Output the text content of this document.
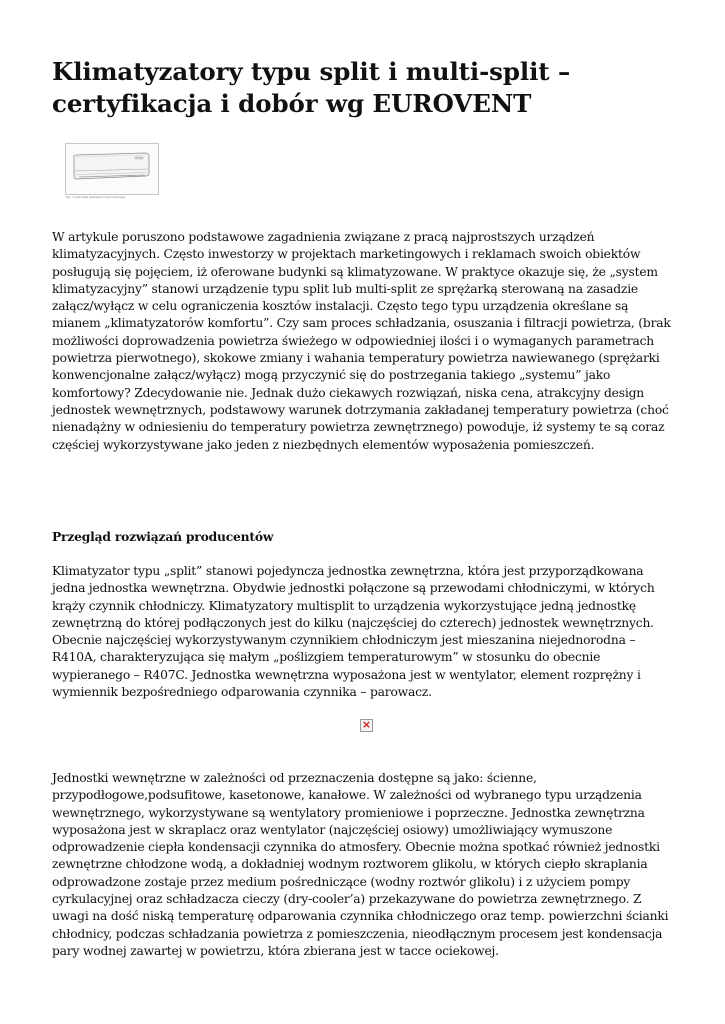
Klimatyzatory typu split i multi-split – certyfikacja i dobór wg EUROVENT
Rys. 1. Jednostka wewnętrzna typu ściennego

W artykule poruszono podstawowe zagadnienia związane z pracą najprostszych urządzeń klimatyzacyjnych. Często inwestorzy w projektach marketingowych i reklamach swoich obiektów posługują się pojęciem, iż oferowane budynki są klimatyzowane. W praktyce okazuje się, że „system klimatyzacyjny” stanowi urządzenie typu split lub multi-split ze sprężarką sterowaną na zasadzie załącz/wyłącz w celu ograniczenia kosztów instalacji. Często tego typu urządzenia określane są mianem „klimatyzatorów komfortu”. Czy sam proces schładzania, osuszania i filtracji powietrza, (brak możliwości doprowadzenia powietrza świeżego w odpowiedniej ilości i o wymaganych parametrach powietrza pierwotnego), skokowe zmiany i wahania temperatury powietrza nawiewanego (sprężarki konwencjonalne załącz/wyłącz) mogą przyczynić się do postrzegania takiego „systemu” jako komfortowy? Zdecydowanie nie. Jednak dużo ciekawych rozwiązań, niska cena, atrakcyjny design jednostek wewnętrznych, podstawowy warunek dotrzymania zakładanej temperatury powietrza (choć nienadążny w odniesieniu do temperatury powietrza zewnętrznego) powoduje, iż systemy te są coraz częściej wykorzystywane jako jeden z niezbędnych elementów wyposażenia pomieszczeń.

Przegląd rozwiązań producentów

Klimatyzator typu „split” stanowi pojedyncza jednostka zewnętrzna, która jest przyporządkowana jedna jednostka wewnętrzna. Obydwie jednostki połączone są przewodami chłodniczymi, w których krąży czynnik chłodniczy. Klimatyzatory multisplit to urządzenia wykorzystujące jedną jednostkę zewnętrzną do której podłączonych jest do kilku (najczęściej do czterech) jednostek wewnętrznych. Obecnie najczęściej wykorzystywanym czynnikiem chłodniczym jest mieszanina niejednorodna – R410A, charakteryzująca się małym „poślizgiem temperaturowym” w stosunku do obecnie wypieranego – R407C. Jednostka wewnętrzna wyposażona jest w wentylator, element rozprężny i wymiennik bezpośredniego odparowania czynnika – parowacz.

×

Jednostki wewnętrzne w zależności od przeznaczenia dostępne są jako: ścienne, przypodłogowe,podsufitowe, kasetonowe, kanałowe. W zależności od wybranego typu urządzenia wewnętrznego, wykorzystywane są wentylatory promieniowe i poprzeczne. Jednostka zewnętrzna wyposażona jest w skraplacz oraz wentylator (najczęściej osiowy) umożliwiający wymuszone odprowadzenie ciepła kondensacji czynnika do atmosfery. Obecnie można spotkać również jednostki zewnętrzne chłodzone wodą, a dokładniej wodnym roztworem glikolu, w których ciepło skraplania odprowadzone zostaje przez medium pośredniczące (wodny roztwór glikolu) i z użyciem pompy cyrkulacyjnej oraz schładzacza cieczy (dry-cooler’a) przekazywane do powietrza zewnętrznego. Z uwagi na dość niską temperaturę odparowania czynnika chłodniczego oraz temp. powierzchni ścianki chłodnicy, podczas schładzania powietrza z pomieszczenia, nieodłącznym procesem jest kondensacja pary wodnej zawartej w powietrzu, która zbierana jest w tacce ociekowej.
